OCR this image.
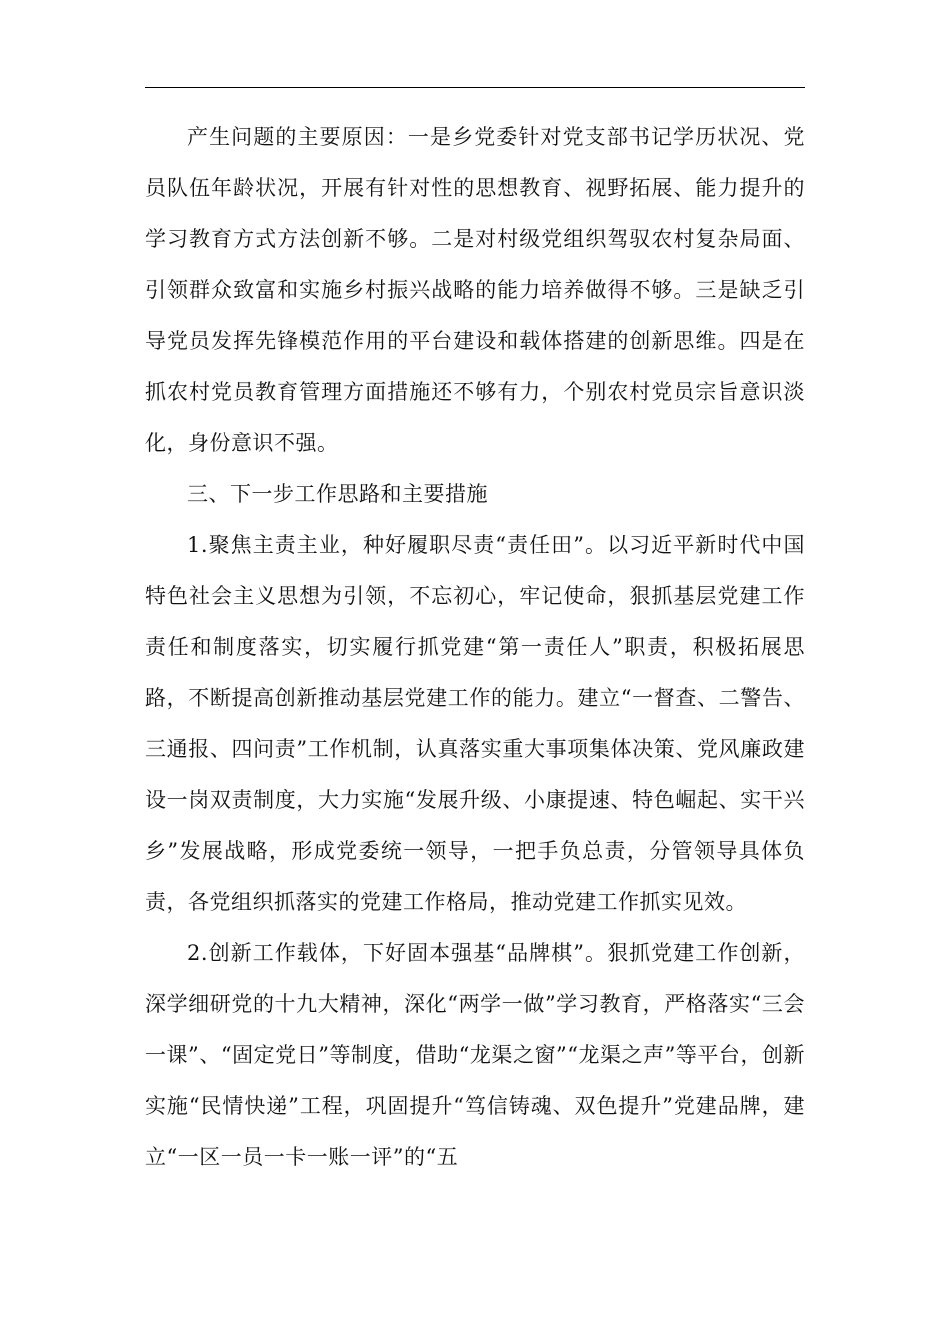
产生问题的主要原因：一是乡党委针对党支部书记学历状况、党员队伍年龄状况，开展有针对性的思想教育、视野拓展、能力提升的学习教育方式方法创新不够。二是对村级党组织驾驭农村复杂局面、引领群众致富和实施乡村振兴战略的能力培养做得不够。三是缺乏引导党员发挥先锋模范作用的平台建设和载体搭建的创新思维。四是在抓农村党员教育管理方面措施还不够有力，个别农村党员宗旨意识淡化，身份意识不强。

三、下一步工作思路和主要措施

1.聚焦主责主业，种好履职尽责“责任田”。以习近平新时代中国特色社会主义思想为引领，不忘初心，牢记使命，狠抓基层党建工作责任和制度落实，切实履行抓党建“第一责任人”职责，积极拓展思路，不断提高创新推动基层党建工作的能力。建立“一督查、二警告、三通报、四问责”工作机制，认真落实重大事项集体决策、党风廉政建设一岗双责制度，大力实施“发展升级、小康提速、特色崛起、实干兴乡”发展战略，形成党委统一领导，一把手负总责，分管领导具体负责，各党组织抓落实的党建工作格局，推动党建工作抓实见效。

2.创新工作载体，下好固本强基“品牌棋”。狠抓党建工作创新，深学细研党的十九大精神，深化“两学一做”学习教育，严格落实“三会一课”、“固定党日”等制度，借助“龙渠之窗”“龙渠之声”等平台，创新实施“民情快递”工程，巩固提升“笃信铸魂、双色提升”党建品牌，建立“一区一员一卡一账一评”的“五
